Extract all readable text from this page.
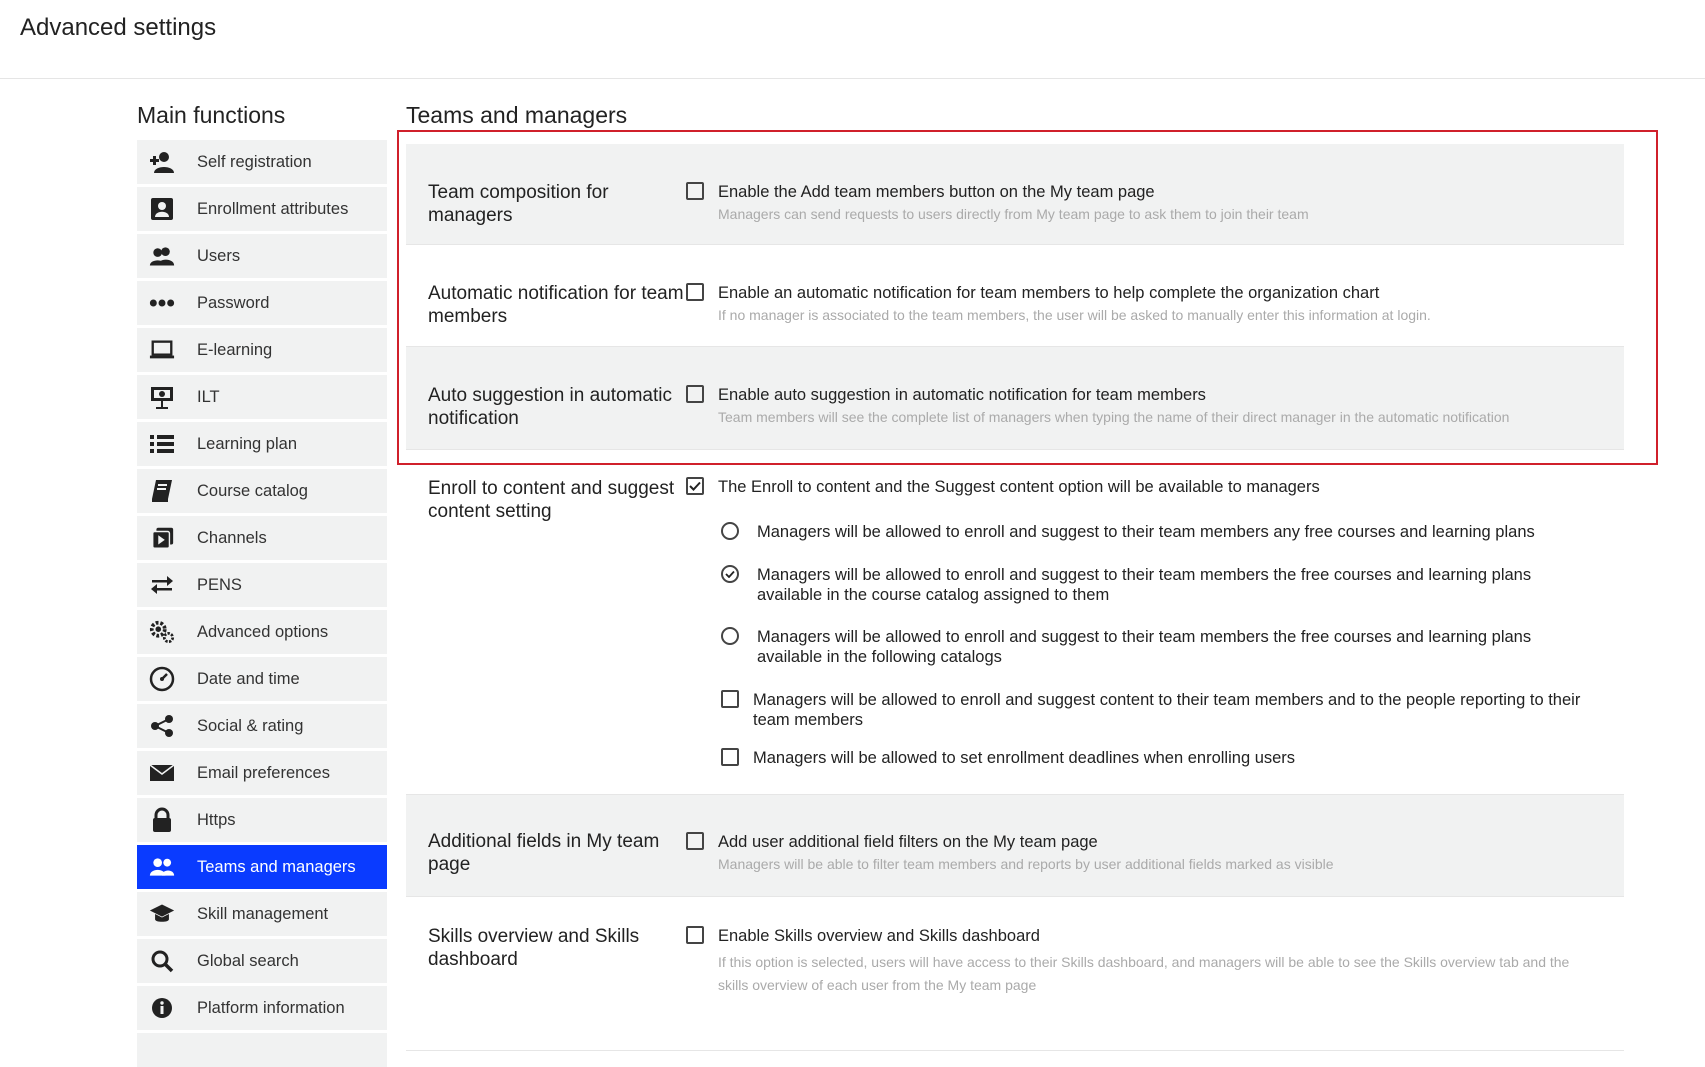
Advanced settings
Main functions
Self registration
Enrollment attributes
Users
Password
E-learning
ILT
Learning plan
Course catalog
Channels
PENS
Advanced options
Date and time
Social & rating
Email preferences
Https
Teams and managers
Skill management
Global search
Platform information
Teams and managers
Team composition for managers
Enable the Add team members button on the My team page
Managers can send requests to users directly from My team page to ask them to join their team
Automatic notification for team members
Enable an automatic notification for team members to help complete the organization chart
If no manager is associated to the team members, the user will be asked to manually enter this information at login.
Auto suggestion in automatic notification
Enable auto suggestion in automatic notification for team members
Team members will see the complete list of managers when typing the name of their direct manager in the automatic notification
Enroll to content and suggest content setting
The Enroll to content and the Suggest content option will be available to managers
Managers will be allowed to enroll and suggest to their team members any free courses and learning plans
Managers will be allowed to enroll and suggest to their team members the free courses and learning plans available in the course catalog assigned to them
Managers will be allowed to enroll and suggest to their team members the free courses and learning plans available in the following catalogs
Managers will be allowed to enroll and suggest content to their team members and to the people reporting to their team members
Managers will be allowed to set enrollment deadlines when enrolling users
Additional fields in My team page
Add user additional field filters on the My team page
Managers will be able to filter team members and reports by user additional fields marked as visible
Skills overview and Skills dashboard
Enable Skills overview and Skills dashboard
If this option is selected, users will have access to their Skills dashboard, and managers will be able to see the Skills overview tab and the skills overview of each user from the My team page
